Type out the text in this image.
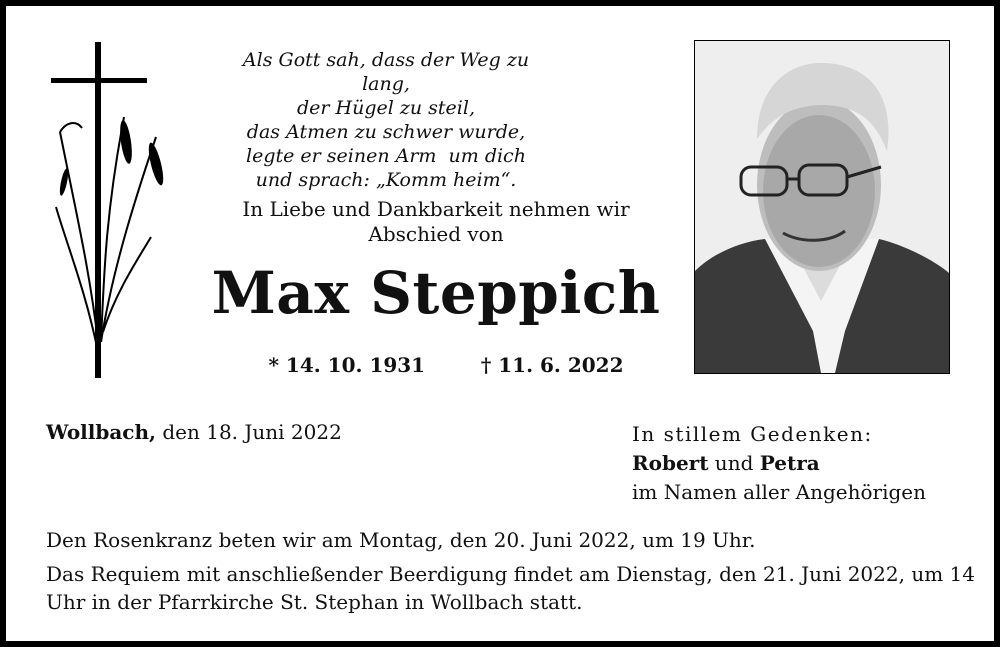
Als Gott sah, dass der Weg zu lang,
der Hügel zu steil,
das Atmen zu schwer wurde,
legte er seinen Arm  um dich
und sprach: „Komm heim“.
In Liebe und Dankbarkeit nehmen wir
Abschied von
Max Steppich
* 14. 10. 1931	† 11. 6. 2022
Wollbach, den 18. Juni 2022	In stillem Gedenken:
Robert und Petra
im Namen aller Angehörigen

Den Rosenkranz beten wir am Montag, den 20. Juni 2022, um 19 Uhr.

Das Requiem mit anschließender Beerdigung findet am Dienstag, den 21. Juni 2022, um 14 Uhr in der Pfarrkirche St. Stephan in Wollbach statt.
